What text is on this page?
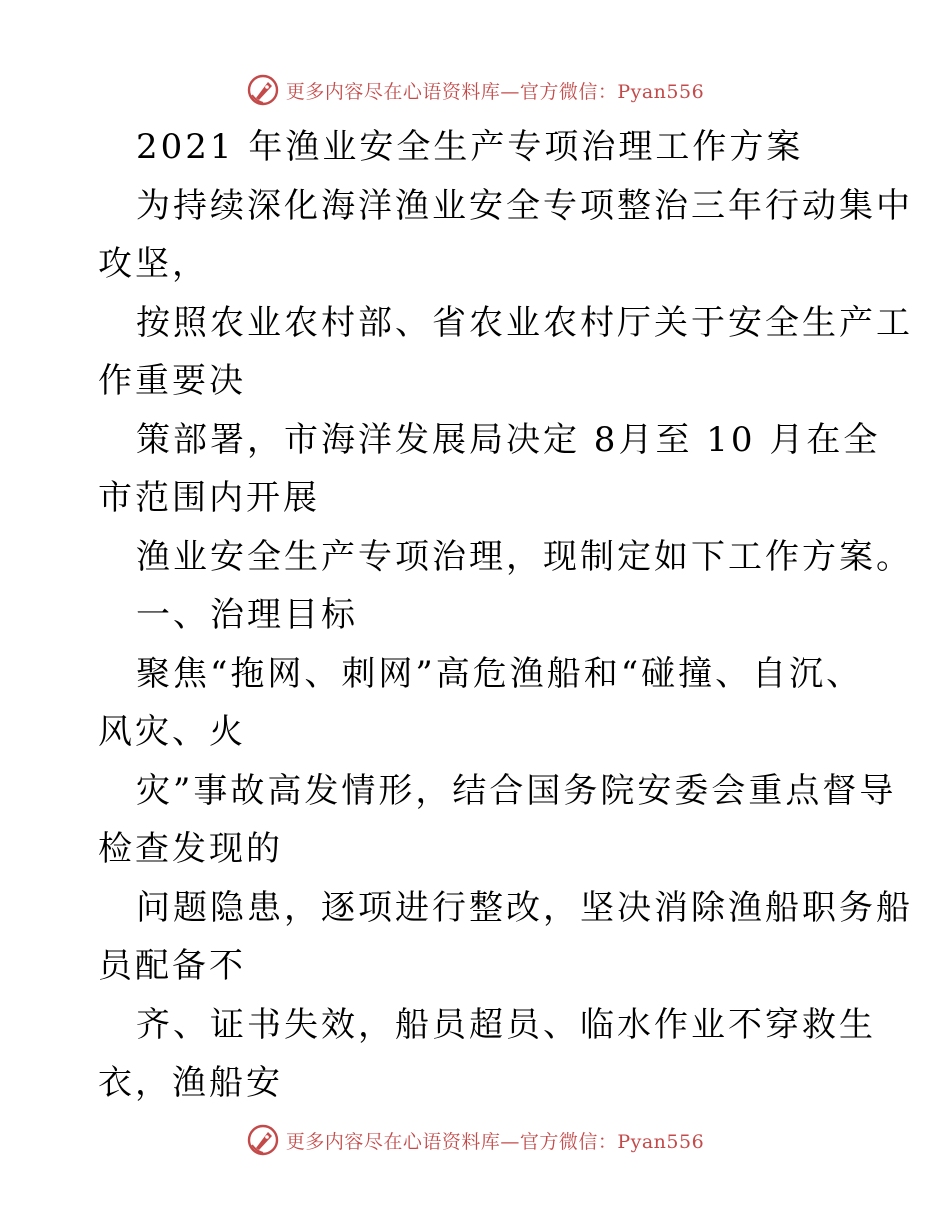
更多内容尽在心语资料库—官方微信：Pyan556
2021 年渔业安全生产专项治理工作方案
为持续深化海洋渔业安全专项整治三年行动集中
攻坚，
按照农业农村部、省农业农村厅关于安全生产工
作重要决
策部署，市海洋发展局决定 8月至 10 月在全
市范围内开展
渔业安全生产专项治理，现制定如下工作方案。
一、治理目标
聚焦“拖网、刺网”高危渔船和“碰撞、自沉、
风灾、火
灾”事故高发情形，结合国务院安委会重点督导
检查发现的
问题隐患，逐项进行整改，坚决消除渔船职务船
员配备不
齐、证书失效，船员超员、临水作业不穿救生
衣，渔船安
更多内容尽在心语资料库—官方微信：Pyan556
